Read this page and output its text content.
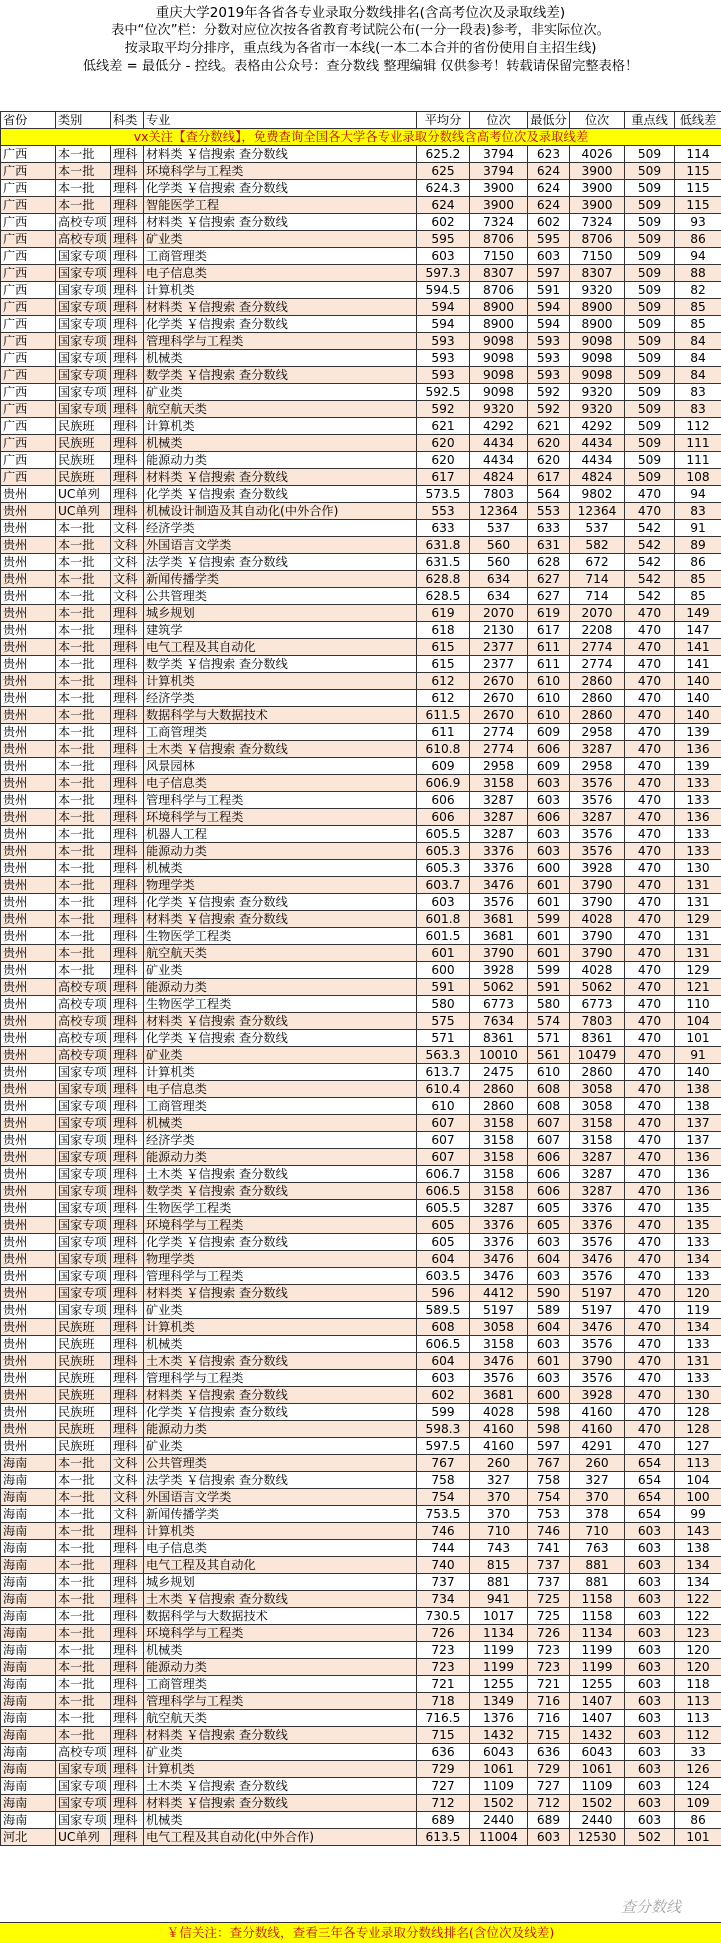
重庆大学2019年各省各专业录取分数线排名(含高考位次及录取线差)
表中“位次”栏：分数对应位次按各省教育考试院公布(一分一段表)参考，非实际位次。
按录取平均分排序，重点线为各省市一本线(一本二本合并的省份使用自主招生线)
低线差 = 最低分 - 控线。表格由公众号：查分数线 整理编辑 仅供参考！转载请保留完整表格！
省份	类别	科类	专业	平均分	位次	最低分	位次	重点线	低线差
vx关注【查分数线】，免费查询全国各大学各专业录取分数线含高考位次及录取线差									
广西	本一批	理科	材料类 ￥信搜索 查分数线	625.2	3794	623	4026	509	114
广西	本一批	理科	环境科学与工程类	625	3794	624	3900	509	115
广西	本一批	理科	化学类 ￥信搜索 查分数线	624.3	3900	624	3900	509	115
广西	本一批	理科	智能医学工程	624	3900	624	3900	509	115
广西	高校专项	理科	材料类 ￥信搜索 查分数线	602	7324	602	7324	509	93
广西	高校专项	理科	矿业类	595	8706	595	8706	509	86
广西	国家专项	理科	工商管理类	603	7150	603	7150	509	94
广西	国家专项	理科	电子信息类	597.3	8307	597	8307	509	88
广西	国家专项	理科	计算机类	594.5	8706	591	9320	509	82
广西	国家专项	理科	材料类 ￥信搜索 查分数线	594	8900	594	8900	509	85
广西	国家专项	理科	化学类 ￥信搜索 查分数线	594	8900	594	8900	509	85
广西	国家专项	理科	管理科学与工程类	593	9098	593	9098	509	84
广西	国家专项	理科	机械类	593	9098	593	9098	509	84
广西	国家专项	理科	数学类 ￥信搜索 查分数线	593	9098	593	9098	509	84
广西	国家专项	理科	矿业类	592.5	9098	592	9320	509	83
广西	国家专项	理科	航空航天类	592	9320	592	9320	509	83
广西	民族班	理科	计算机类	621	4292	621	4292	509	112
广西	民族班	理科	机械类	620	4434	620	4434	509	111
广西	民族班	理科	能源动力类	620	4434	620	4434	509	111
广西	民族班	理科	材料类 ￥信搜索 查分数线	617	4824	617	4824	509	108
贵州	UC单列	理科	化学类 ￥信搜索 查分数线	573.5	7803	564	9802	470	94
贵州	UC单列	理科	机械设计制造及其自动化(中外合作)	553	12364	553	12364	470	83
贵州	本一批	文科	经济学类	633	537	633	537	542	91
贵州	本一批	文科	外国语言文学类	631.8	560	631	582	542	89
贵州	本一批	文科	法学类 ￥信搜索 查分数线	631.5	560	628	672	542	86
贵州	本一批	文科	新闻传播学类	628.8	634	627	714	542	85
贵州	本一批	文科	公共管理类	628.5	634	627	714	542	85
贵州	本一批	理科	城乡规划	619	2070	619	2070	470	149
贵州	本一批	理科	建筑学	618	2130	617	2208	470	147
贵州	本一批	理科	电气工程及其自动化	615	2377	611	2774	470	141
贵州	本一批	理科	数学类 ￥信搜索 查分数线	615	2377	611	2774	470	141
贵州	本一批	理科	计算机类	612	2670	610	2860	470	140
贵州	本一批	理科	经济学类	612	2670	610	2860	470	140
贵州	本一批	理科	数据科学与大数据技术	611.5	2670	610	2860	470	140
贵州	本一批	理科	工商管理类	611	2774	609	2958	470	139
贵州	本一批	理科	土木类 ￥信搜索 查分数线	610.8	2774	606	3287	470	136
贵州	本一批	理科	风景园林	609	2958	609	2958	470	139
贵州	本一批	理科	电子信息类	606.9	3158	603	3576	470	133
贵州	本一批	理科	管理科学与工程类	606	3287	603	3576	470	133
贵州	本一批	理科	环境科学与工程类	606	3287	606	3287	470	136
贵州	本一批	理科	机器人工程	605.5	3287	603	3576	470	133
贵州	本一批	理科	能源动力类	605.3	3376	603	3576	470	133
贵州	本一批	理科	机械类	605.3	3376	600	3928	470	130
贵州	本一批	理科	物理学类	603.7	3476	601	3790	470	131
贵州	本一批	理科	化学类 ￥信搜索 查分数线	603	3576	601	3790	470	131
贵州	本一批	理科	材料类 ￥信搜索 查分数线	601.8	3681	599	4028	470	129
贵州	本一批	理科	生物医学工程类	601.5	3681	601	3790	470	131
贵州	本一批	理科	航空航天类	601	3790	601	3790	470	131
贵州	本一批	理科	矿业类	600	3928	599	4028	470	129
贵州	高校专项	理科	能源动力类	591	5062	591	5062	470	121
贵州	高校专项	理科	生物医学工程类	580	6773	580	6773	470	110
贵州	高校专项	理科	材料类 ￥信搜索 查分数线	575	7634	574	7803	470	104
贵州	高校专项	理科	化学类 ￥信搜索 查分数线	571	8361	571	8361	470	101
贵州	高校专项	理科	矿业类	563.3	10010	561	10479	470	91
贵州	国家专项	理科	计算机类	613.7	2475	610	2860	470	140
贵州	国家专项	理科	电子信息类	610.4	2860	608	3058	470	138
贵州	国家专项	理科	工商管理类	610	2860	608	3058	470	138
贵州	国家专项	理科	机械类	607	3158	607	3158	470	137
贵州	国家专项	理科	经济学类	607	3158	607	3158	470	137
贵州	国家专项	理科	能源动力类	607	3158	606	3287	470	136
贵州	国家专项	理科	土木类 ￥信搜索 查分数线	606.7	3158	606	3287	470	136
贵州	国家专项	理科	数学类 ￥信搜索 查分数线	606.5	3158	606	3287	470	136
贵州	国家专项	理科	生物医学工程类	605.5	3287	605	3376	470	135
贵州	国家专项	理科	环境科学与工程类	605	3376	605	3376	470	135
贵州	国家专项	理科	化学类 ￥信搜索 查分数线	605	3376	603	3576	470	133
贵州	国家专项	理科	物理学类	604	3476	604	3476	470	134
贵州	国家专项	理科	管理科学与工程类	603.5	3476	603	3576	470	133
贵州	国家专项	理科	材料类 ￥信搜索 查分数线	596	4412	590	5197	470	120
贵州	国家专项	理科	矿业类	589.5	5197	589	5197	470	119
贵州	民族班	理科	计算机类	608	3058	604	3476	470	134
贵州	民族班	理科	机械类	606.5	3158	603	3576	470	133
贵州	民族班	理科	土木类 ￥信搜索 查分数线	604	3476	601	3790	470	131
贵州	民族班	理科	管理科学与工程类	603	3576	603	3576	470	133
贵州	民族班	理科	材料类 ￥信搜索 查分数线	602	3681	600	3928	470	130
贵州	民族班	理科	化学类 ￥信搜索 查分数线	599	4028	598	4160	470	128
贵州	民族班	理科	能源动力类	598.3	4160	598	4160	470	128
贵州	民族班	理科	矿业类	597.5	4160	597	4291	470	127
海南	本一批	文科	公共管理类	767	260	767	260	654	113
海南	本一批	文科	法学类 ￥信搜索 查分数线	758	327	758	327	654	104
海南	本一批	文科	外国语言文学类	754	370	754	370	654	100
海南	本一批	文科	新闻传播学类	753.5	370	753	378	654	99
海南	本一批	理科	计算机类	746	710	746	710	603	143
海南	本一批	理科	电子信息类	744	743	741	763	603	138
海南	本一批	理科	电气工程及其自动化	740	815	737	881	603	134
海南	本一批	理科	城乡规划	737	881	737	881	603	134
海南	本一批	理科	土木类 ￥信搜索 查分数线	734	941	725	1158	603	122
海南	本一批	理科	数据科学与大数据技术	730.5	1017	725	1158	603	122
海南	本一批	理科	环境科学与工程类	726	1134	726	1134	603	123
海南	本一批	理科	机械类	723	1199	723	1199	603	120
海南	本一批	理科	能源动力类	723	1199	723	1199	603	120
海南	本一批	理科	工商管理类	721	1255	721	1255	603	118
海南	本一批	理科	管理科学与工程类	718	1349	716	1407	603	113
海南	本一批	理科	航空航天类	716.5	1376	716	1407	603	113
海南	本一批	理科	材料类 ￥信搜索 查分数线	715	1432	715	1432	603	112
海南	高校专项	理科	矿业类	636	6043	636	6043	603	33
海南	国家专项	理科	计算机类	729	1061	729	1061	603	126
海南	国家专项	理科	土木类 ￥信搜索 查分数线	727	1109	727	1109	603	124
海南	国家专项	理科	材料类 ￥信搜索 查分数线	712	1502	712	1502	603	109
海南	国家专项	理科	机械类	689	2440	689	2440	603	86
河北	UC单列	理科	电气工程及其自动化(中外合作)	613.5	11004	603	12530	502	101
查分数线
￥信关注：查分数线，查看三年各专业录取分数线排名(含位次及线差)
